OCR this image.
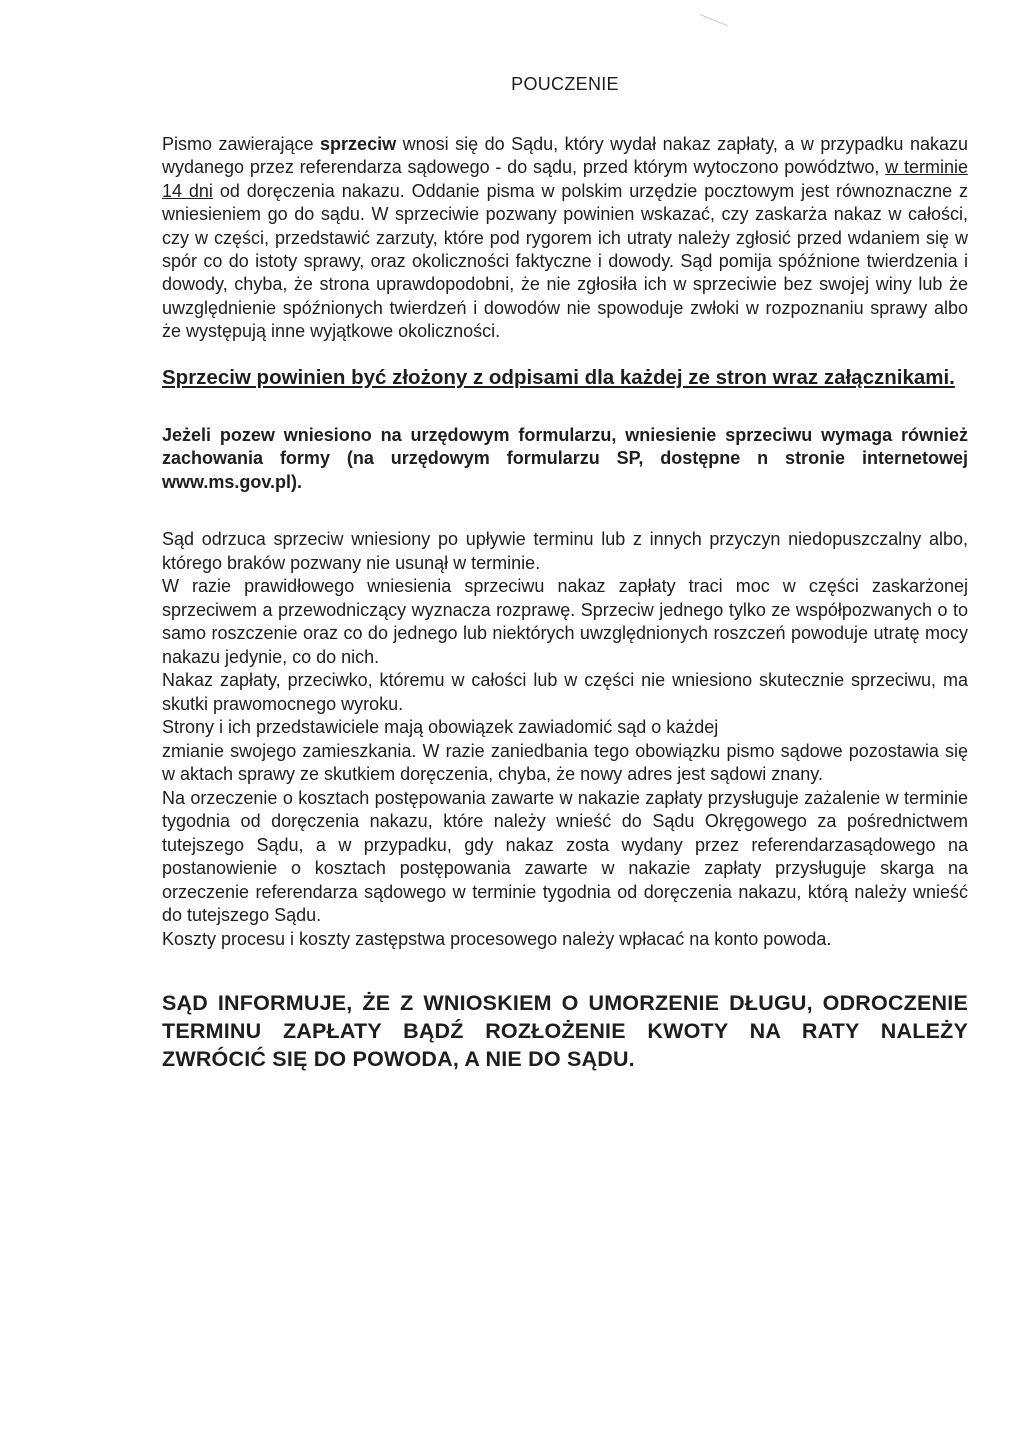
POUCZENIE

Pismo zawierające sprzeciw wnosi się do Sądu, który wydał nakaz zapłaty, a w przypadku nakazu wydanego przez referendarza sądowego - do sądu, przed którym wytoczono powództwo, w terminie 14 dni od doręczenia nakazu. Oddanie pisma w polskim urzędzie pocztowym jest równoznaczne z wniesieniem go do sądu. W sprzeciwie pozwany powinien wskazać, czy zaskarża nakaz w całości, czy w części, przedstawić zarzuty, które pod rygorem ich utraty należy zgłosić przed wdaniem się w spór co do istoty sprawy, oraz okoliczności faktyczne i dowody. Sąd pomija spóźnione twierdzenia i dowody, chyba, że strona uprawdopodobni, że nie zgłosiła ich w sprzeciwie bez swojej winy lub że uwzględnienie spóźnionych twierdzeń i dowodów nie spowoduje zwłoki w rozpoznaniu sprawy albo że występują inne wyjątkowe okoliczności.

Sprzeciw powinien być złożony z odpisami dla każdej ze stron wraz załącznikami.

Jeżeli pozew wniesiono na urzędowym formularzu, wniesienie sprzeciwu wymaga również zachowania formy (na urzędowym formularzu SP, dostępne n stronie internetowej www.ms.gov.pl).

Sąd odrzuca sprzeciw wniesiony po upływie terminu lub z innych przyczyn niedopuszczalny albo, którego braków pozwany nie usunął w terminie.

W razie prawidłowego wniesienia sprzeciwu nakaz zapłaty traci moc w części zaskarżonej sprzeciwem a przewodniczący wyznacza rozprawę. Sprzeciw jednego tylko ze współpozwanych o to samo roszczenie oraz co do jednego lub niektórych uwzględnionych roszczeń powoduje utratę mocy nakazu jedynie, co do nich.

Nakaz zapłaty, przeciwko, któremu w całości lub w części nie wniesiono skutecznie sprzeciwu, ma skutki prawomocnego wyroku.

Strony i ich przedstawiciele mają obowiązek zawiadomić sąd o każdej

zmianie swojego zamieszkania. W razie zaniedbania tego obowiązku pismo sądowe pozostawia się w aktach sprawy ze skutkiem doręczenia, chyba, że nowy adres jest sądowi znany.

Na orzeczenie o kosztach postępowania zawarte w nakazie zapłaty przysługuje zażalenie w terminie tygodnia od doręczenia nakazu, które należy wnieść do Sądu Okręgowego za pośrednictwem tutejszego Sądu, a w przypadku, gdy nakaz zosta wydany przez referendarzasądowego na postanowienie o kosztach postępowania zawarte w nakazie zapłaty przysługuje skarga na orzeczenie referendarza sądowego w terminie tygodnia od doręczenia nakazu, którą należy wnieść do tutejszego Sądu.

Koszty procesu i koszty zastępstwa procesowego należy wpłacać na konto powoda.

SĄD INFORMUJE, ŻE Z WNIOSKIEM O UMORZENIE DŁUGU, ODROCZENIE TERMINU ZAPŁATY BĄDŹ ROZŁOŻENIE KWOTY NA RATY NALEŻY ZWRÓCIĆ SIĘ DO POWODA, A NIE DO SĄDU.
